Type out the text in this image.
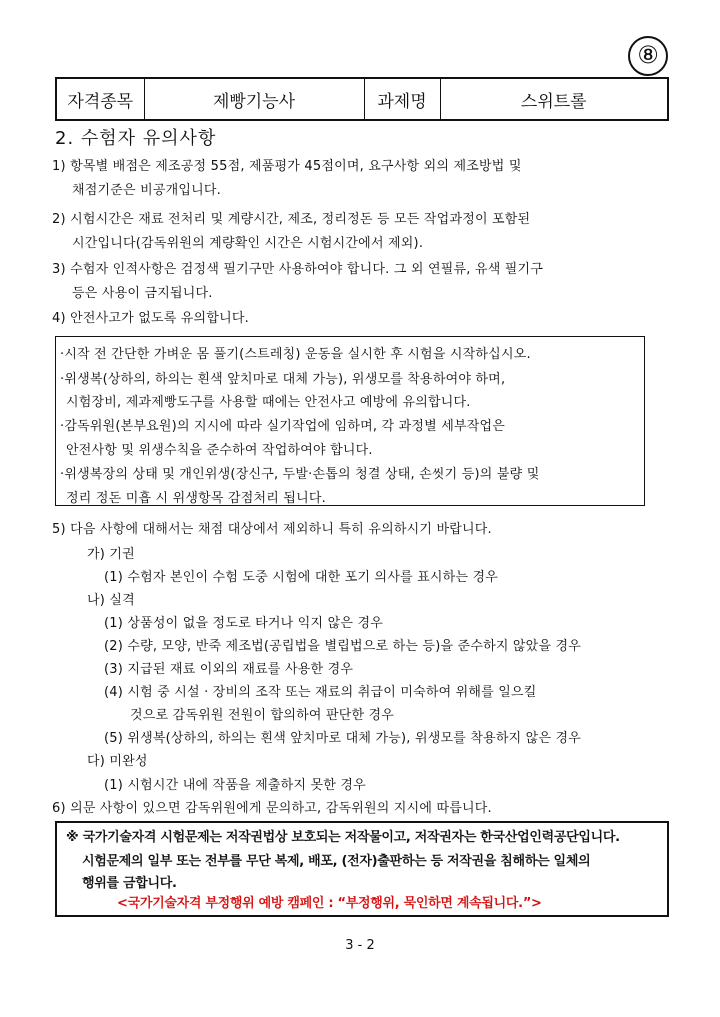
⑧
자격종목	제빵기능사	과제명	스위트롤
2. 수험자 유의사항
1) 항목별 배점은 제조공정 55점, 제품평가 45점이며, 요구사항 외의 제조방법 및
채점기준은 비공개입니다.
2) 시험시간은 재료 전처리 및 계량시간, 제조, 정리정돈 등 모든 작업과정이 포함된
시간입니다(감독위원의 계량확인 시간은 시험시간에서 제외).
3) 수험자 인적사항은 검정색 필기구만 사용하여야 합니다. 그 외 연필류, 유색 필기구
등은 사용이 금지됩니다.
4) 안전사고가 없도록 유의합니다.
·시작 전 간단한 가벼운 몸 풀기(스트레칭) 운동을 실시한 후 시험을 시작하십시오.
·위생복(상하의, 하의는 흰색 앞치마로 대체 가능), 위생모를 착용하여야 하며,
시험장비, 제과제빵도구를 사용할 때에는 안전사고 예방에 유의합니다.
·감독위원(본부요원)의 지시에 따라 실기작업에 임하며, 각 과정별 세부작업은
안전사항 및 위생수칙을 준수하여 작업하여야 합니다.
·위생복장의 상태 및 개인위생(장신구, 두발·손톱의 청결 상태, 손씻기 등)의 불량 및
정리 정돈 미흡 시 위생항목 감점처리 됩니다.
5) 다음 사항에 대해서는 채점 대상에서 제외하니 특히 유의하시기 바랍니다.
가) 기권
(1) 수험자 본인이 수험 도중 시험에 대한 포기 의사를 표시하는 경우
나) 실격
(1) 상품성이 없을 정도로 타거나 익지 않은 경우
(2) 수량, 모양, 반죽 제조법(공립법을 별립법으로 하는 등)을 준수하지 않았을 경우
(3) 지급된 재료 이외의 재료를 사용한 경우
(4) 시험 중 시설 · 장비의 조작 또는 재료의 취급이 미숙하여 위해를 일으킬
것으로 감독위원 전원이 합의하여 판단한 경우
(5) 위생복(상하의, 하의는 흰색 앞치마로 대체 가능), 위생모를 착용하지 않은 경우
다) 미완성
(1) 시험시간 내에 작품을 제출하지 못한 경우
6) 의문 사항이 있으면 감독위원에게 문의하고, 감독위원의 지시에 따릅니다.
※ 국가기술자격 시험문제는 저작권법상 보호되는 저작물이고, 저작권자는 한국산업인력공단입니다.
시험문제의 일부 또는 전부를 무단 복제, 배포, (전자)출판하는 등 저작권을 침해하는 일체의
행위를 금합니다.
<국가기술자격 부정행위 예방 캠페인 : “부정행위, 묵인하면 계속됩니다.”>
3 - 2
